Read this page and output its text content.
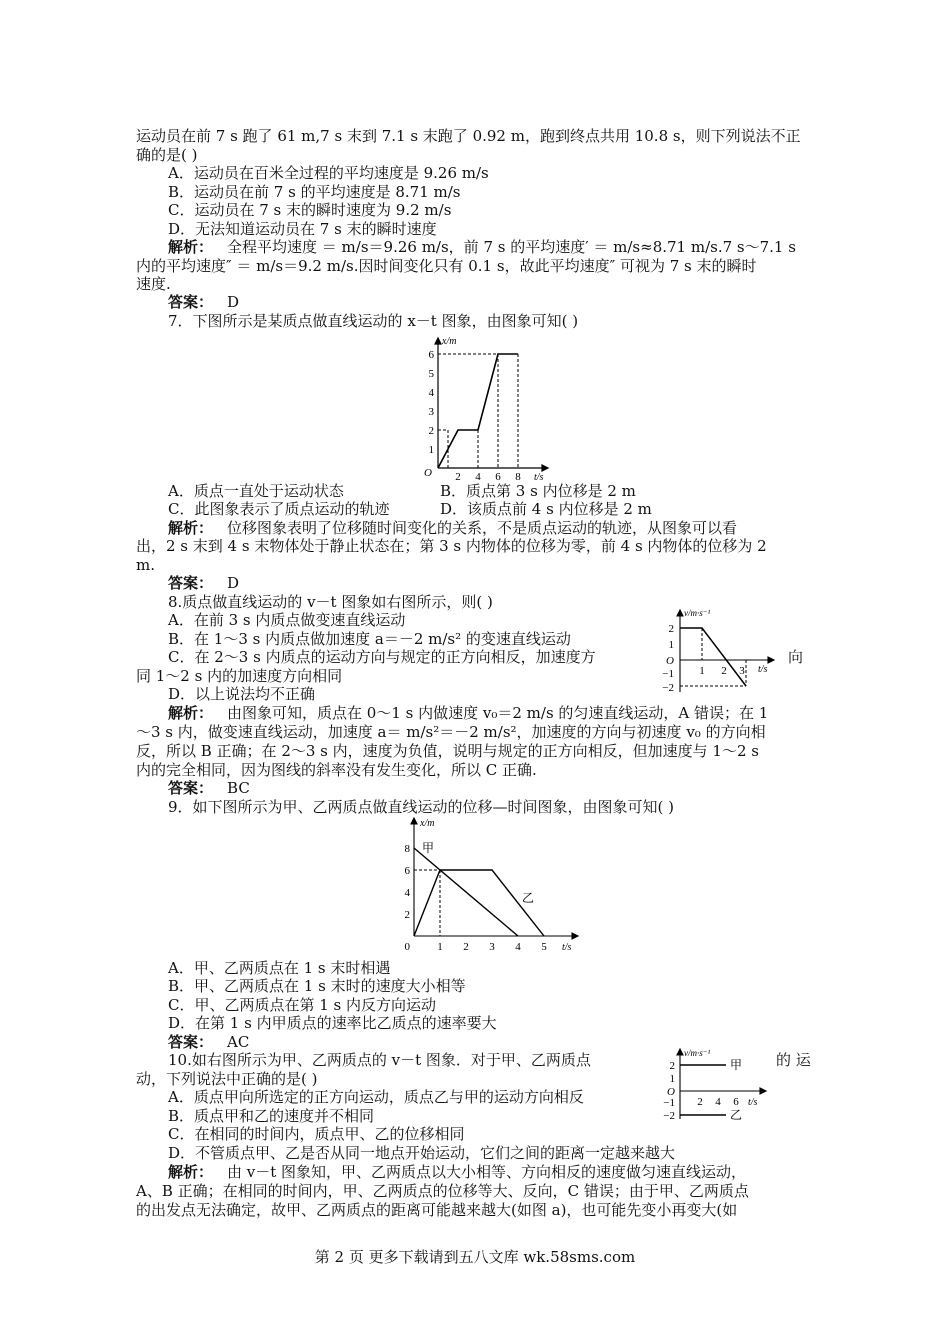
运动员在前 7 s 跑了 61 m,7 s 末到 7.1 s 末跑了 0.92 m，跑到终点共用 10.8 s，则下列说法不正
确的是( )
A．运动员在百米全过程的平均速度是 9.26 m/s
B．运动员在前 7 s 的平均速度是 8.71 m/s
C．运动员在 7 s 末的瞬时速度为 9.2 m/s
D．无法知道运动员在 7 s 末的瞬时速度
解析： 全程平均速度 ＝ m/s＝9.26 m/s，前 7 s 的平均速度′ ＝ m/s≈8.71 m/s.7 s～7.1 s
内的平均速度″ ＝ m/s＝9.2 m/s.因时间变化只有 0.1 s，故此平均速度″ 可视为 7 s 末的瞬时
速度.
答案： D
7．下图所示是某质点做直线运动的 x－t 图象，由图象可知( )
1
2
3
4
5
6
2 4 6 8
O
x/m
t/s
A．质点一直处于运动状态	B．质点第 3 s 内位移是 2 m
C．此图象表示了质点运动的轨迹	D．该质点前 4 s 内位移是 2 m
解析： 位移图象表明了位移随时间变化的关系，不是质点运动的轨迹，从图象可以看
出，2 s 末到 4 s 末物体处于静止状态在；第 3 s 内物体的位移为零，前 4 s 内物体的位移为 2
m.
答案： D
8.质点做直线运动的 v－t 图象如右图所示，则( )
A．在前 3 s 内质点做变速直线运动
B．在 1～3 s 内质点做加速度 a＝－2 m/s² 的变速直线运动
C．在 2～3 s 内质点的运动方向与规定的正方向相反，加速度方	向
同 1～2 s 内的加速度方向相同
D．以上说法均不正确
2
1
−1
−2
O
1 2 3
v/m·s⁻¹
t/s
解析： 由图象可知，质点在 0～1 s 内做速度 v₀＝2 m/s 的匀速直线运动，A 错误；在 1
～3 s 内，做变速直线运动，加速度 a＝ m/s²＝－2 m/s²，加速度的方向与初速度 v₀ 的方向相
反，所以 B 正确；在 2～3 s 内，速度为负值，说明与规定的正方向相反，但加速度与 1～2 s
内的完全相同，因为图线的斜率没有发生变化，所以 C 正确.
答案： BC
9．如下图所示为甲、乙两质点做直线运动的位移—时间图象，由图象可知( )
8
6
4
2
0 1 2 3 4 5
x/m
t/s
甲
乙
A．甲、乙两质点在 1 s 末时相遇
B．甲、乙两质点在 1 s 末时的速度大小相等
C．甲、乙两质点在第 1 s 内反方向运动
D．在第 1 s 内甲质点的速率比乙质点的速率要大
答案： AC
10.如右图所示为甲、乙两质点的 v－t 图象．对于甲、乙两质点	的 运
动，下列说法中正确的是( )
A．质点甲向所选定的正方向运动，质点乙与甲的运动方向相反
B．质点甲和乙的速度并不相同
C．在相同的时间内，质点甲、乙的位移相同
D．不管质点甲、乙是否从同一地点开始运动，它们之间的距离一定越来越大
2
1
−1
−2
O
2 4 6
v/m·s⁻¹
t/s
甲
乙
解析： 由 v－t 图象知，甲、乙两质点以大小相等、方向相反的速度做匀速直线运动，
A、B 正确；在相同的时间内，甲、乙两质点的位移等大、反向，C 错误；由于甲、乙两质点
的出发点无法确定，故甲、乙两质点的距离可能越来越大(如图 a)，也可能先变小再变大(如
第 2 页 更多下载请到五八文库 wk.58sms.com
